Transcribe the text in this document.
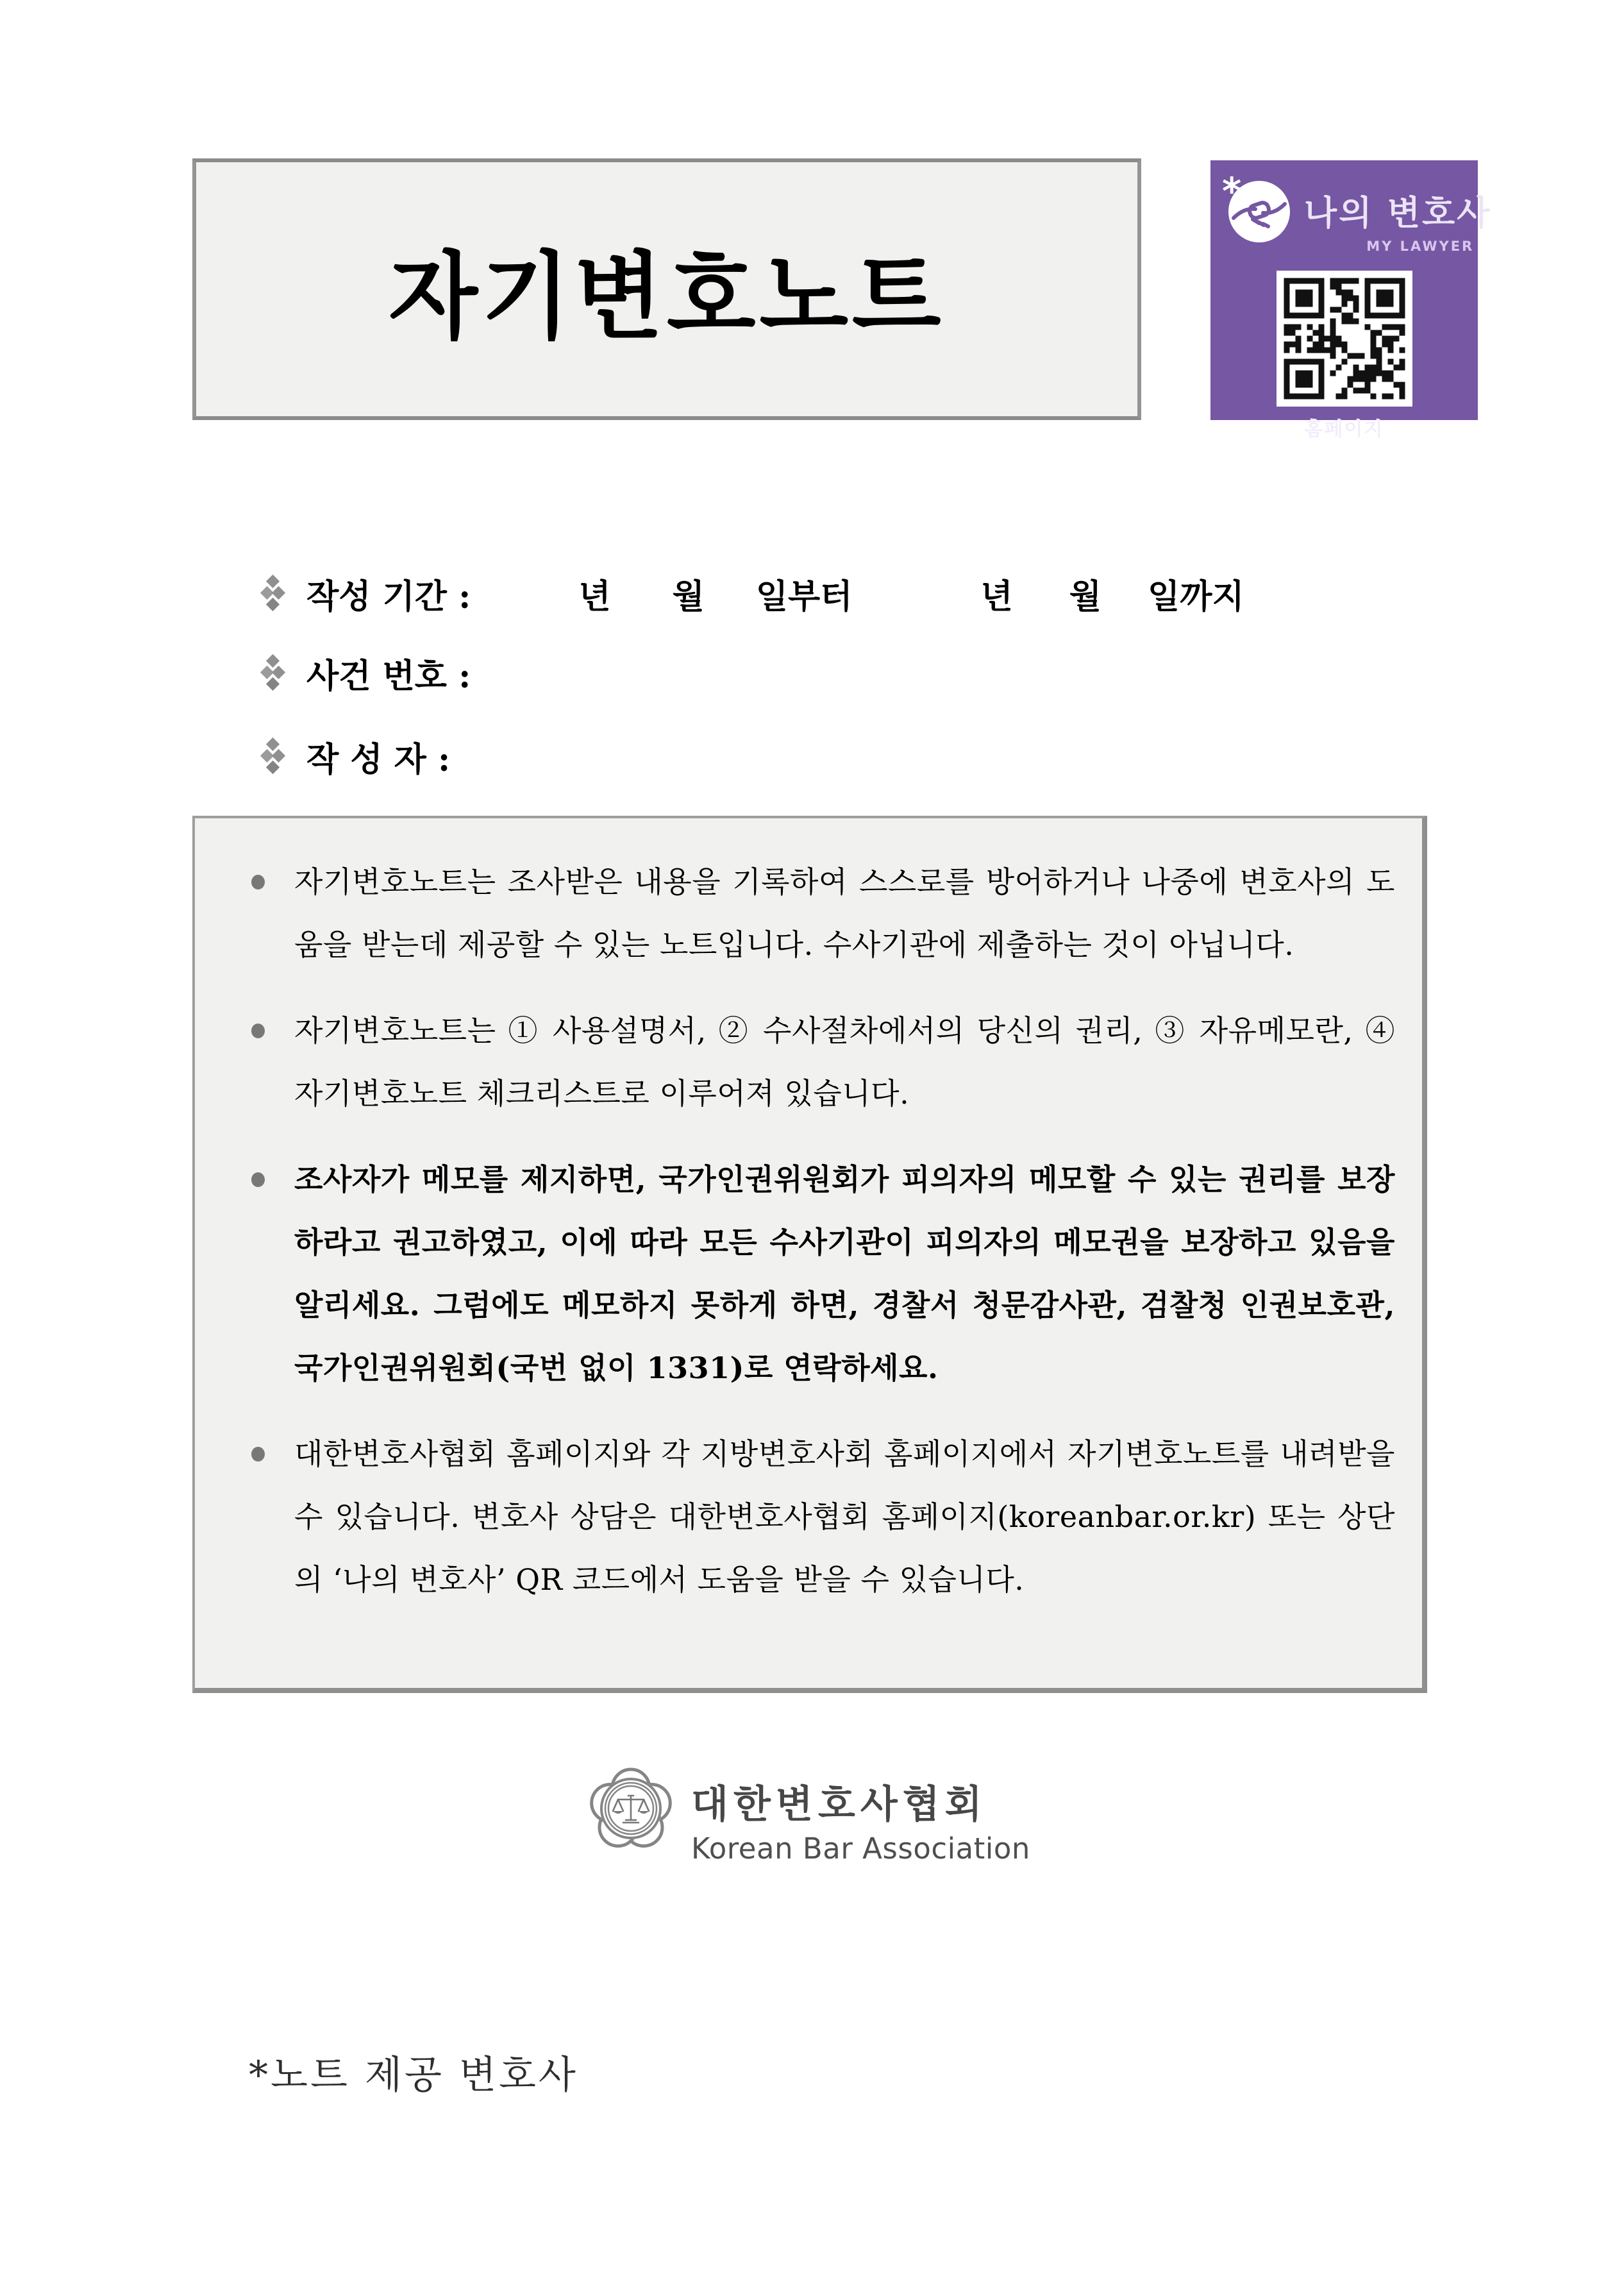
자기변호노트
*
나의 변호사
MY LAWYER
홈페이지
작성 기간 :	년 월 일부터	년 월 일까지
사건 번호 :
작 성 자 :
자기변호노트는 조사받은 내용을 기록하여 스스로를 방어하거나 나중에 변호사의 도움을 받는데 제공할 수 있는 노트입니다. 수사기관에 제출하는 것이 아닙니다.
자기변호노트는 ① 사용설명서, ② 수사절차에서의 당신의 권리, ③ 자유메모란, ④ 자기변호노트 체크리스트로 이루어져 있습니다.
조사자가 메모를 제지하면, 국가인권위원회가 피의자의 메모할 수 있는 권리를 보장하라고 권고하였고, 이에 따라 모든 수사기관이 피의자의 메모권을 보장하고 있음을 알리세요. 그럼에도 메모하지 못하게 하면, 경찰서 청문감사관, 검찰청 인권보호관, 국가인권위원회(국번 없이 1331)로 연락하세요.
대한변호사협회 홈페이지와 각 지방변호사회 홈페이지에서 자기변호노트를 내려받을 수 있습니다. 변호사 상담은 대한변호사협회 홈페이지(koreanbar.or.kr) 또는 상단의 ‘나의 변호사’ QR 코드에서 도움을 받을 수 있습니다.
대한변호사협회
Korean Bar Association
*노트 제공 변호사
